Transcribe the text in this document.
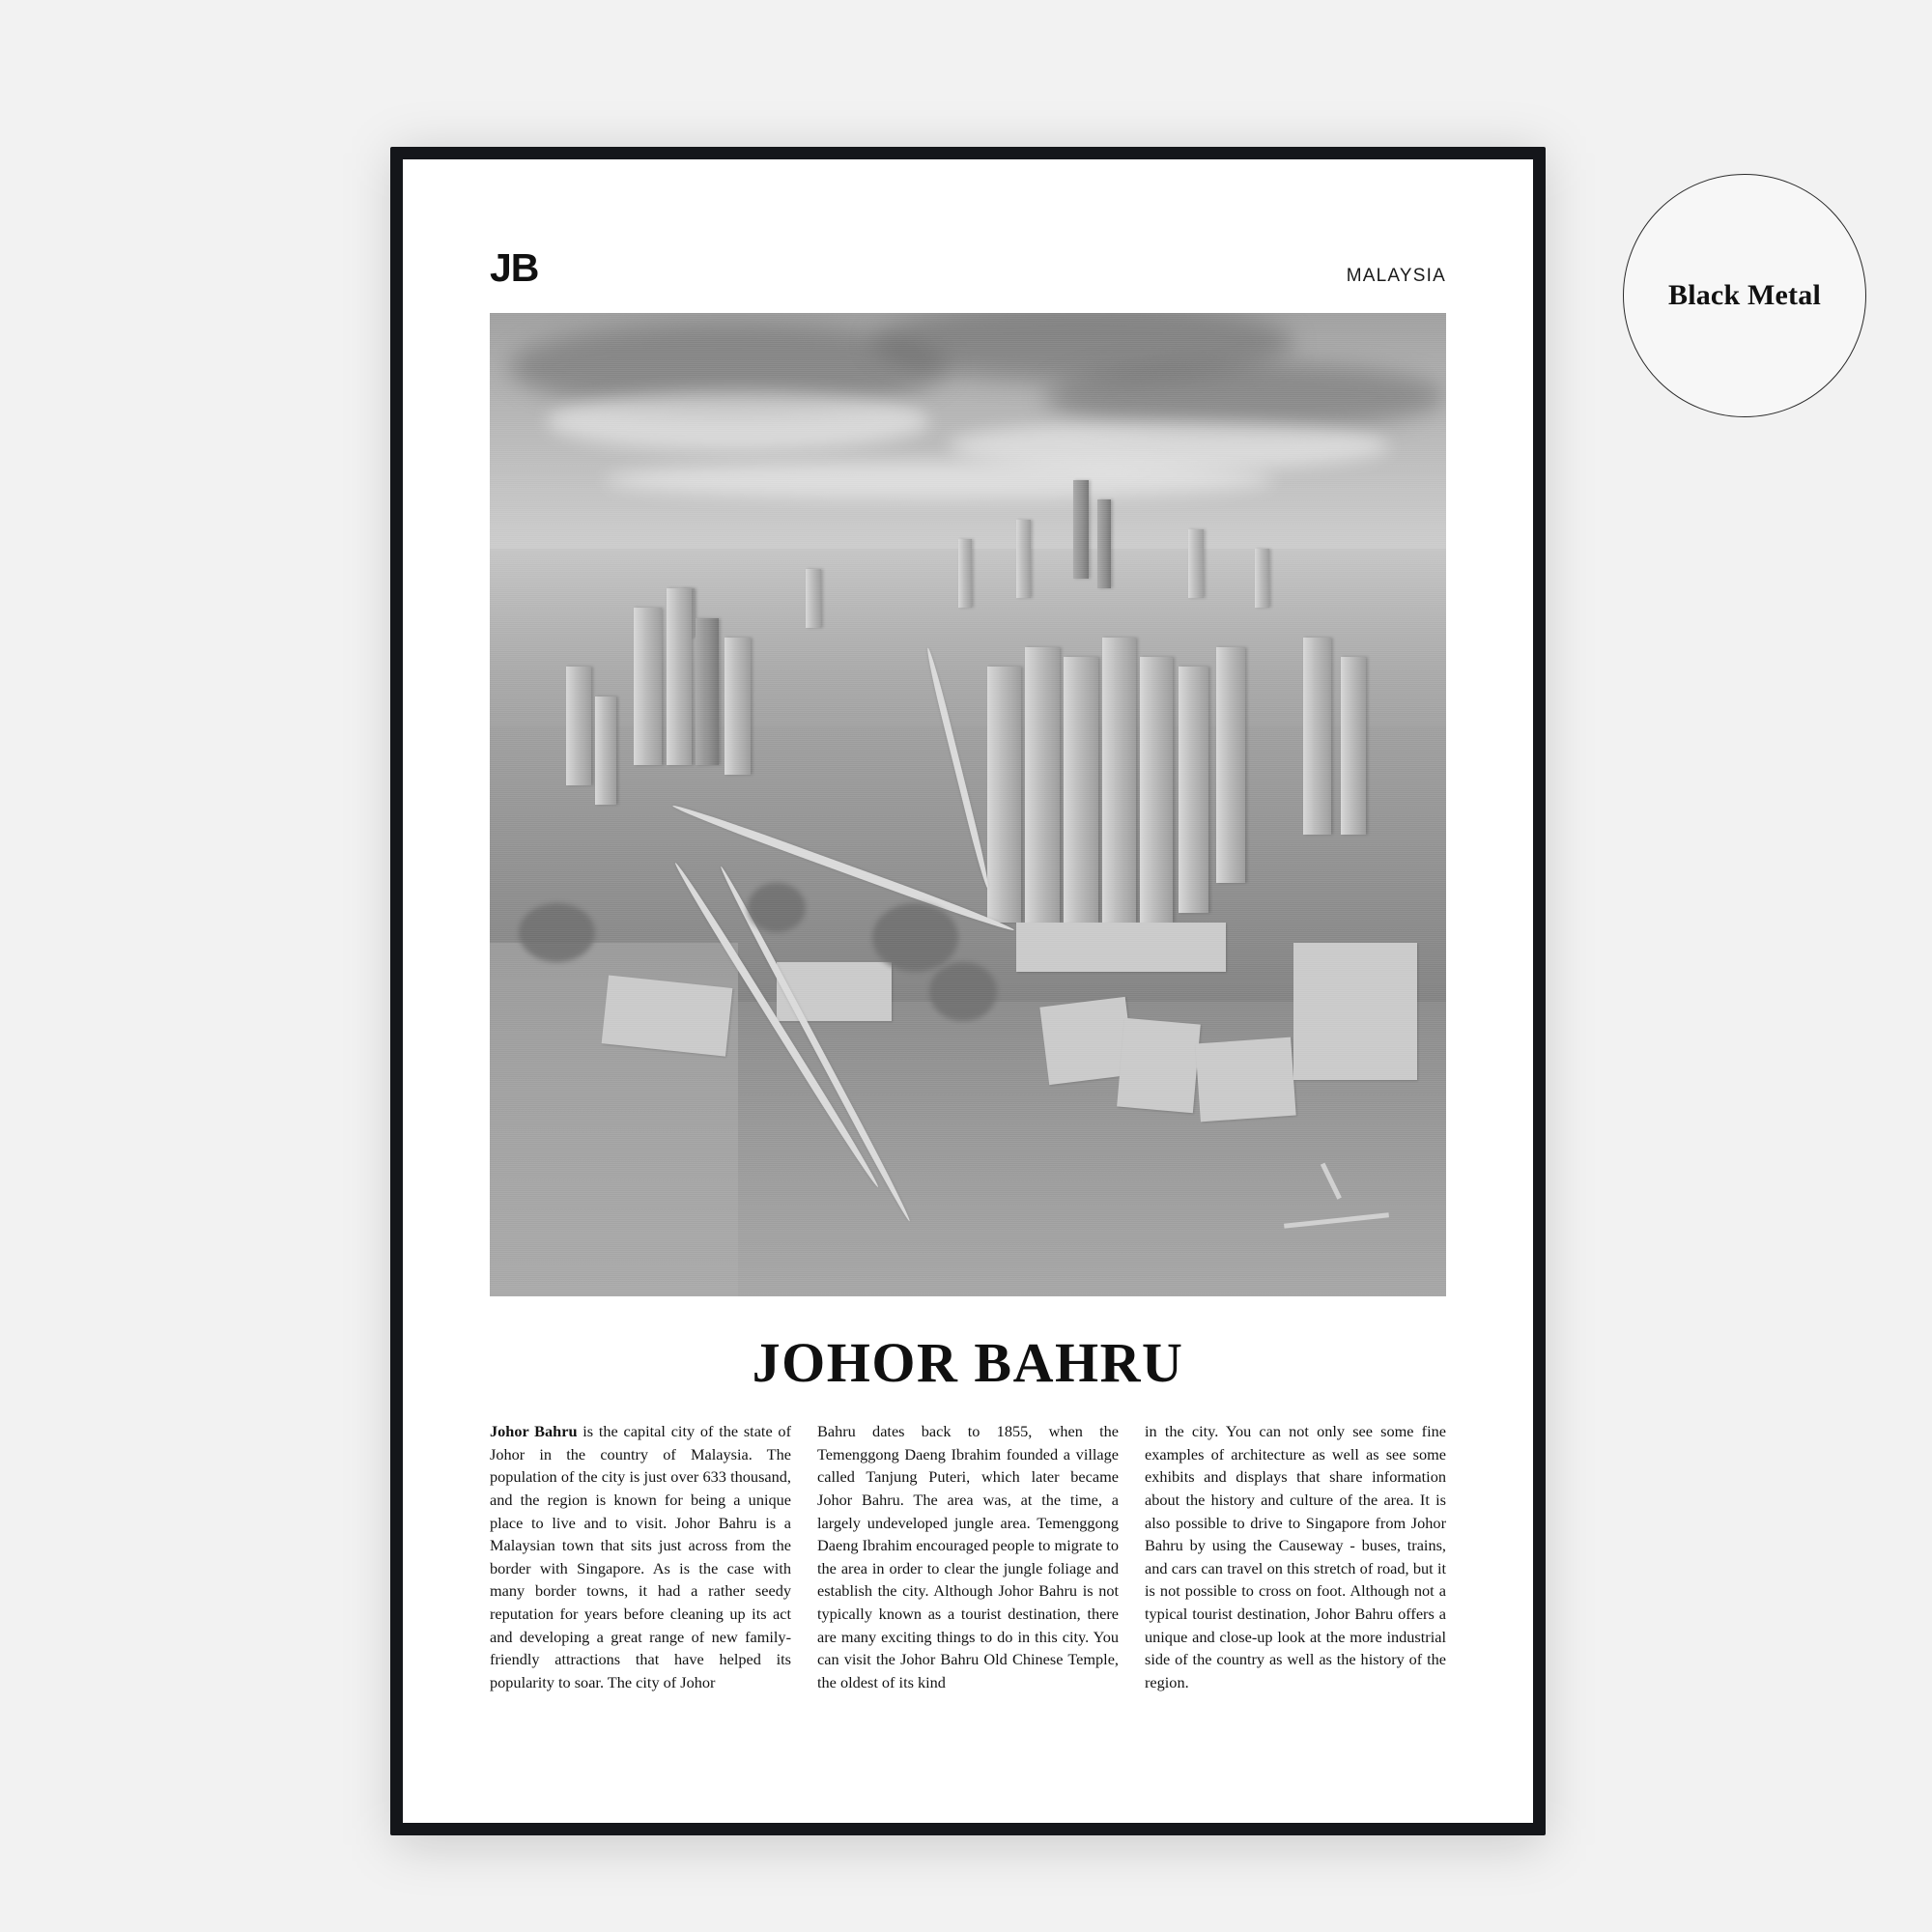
JB	MALAYSIA
JOHOR BAHRU
Johor Bahru is the capital city of the state of Johor in the country of Malaysia. The population of the city is just over 633 thousand, and the region is known for being a unique place to live and to visit. Johor Bahru is a Malaysian town that sits just across from the border with Singapore. As is the case with many border towns, it had a rather seedy reputation for years before cleaning up its act and developing a great range of new family-friendly attractions that have helped its popularity to soar. The city of Johor
Bahru dates back to 1855, when the Temenggong Daeng Ibrahim founded a village called Tanjung Puteri, which later became Johor Bahru. The area was, at the time, a largely undeveloped jungle area. Temenggong Daeng Ibrahim encouraged people to migrate to the area in order to clear the jungle foliage and establish the city. Although Johor Bahru is not typically known as a tourist destination, there are many exciting things to do in this city. You can visit the Johor Bahru Old Chinese Temple, the oldest of its kind
in the city. You can not only see some fine examples of architecture as well as see some exhibits and displays that share information about the history and culture of the area. It is also possible to drive to Singapore from Johor Bahru by using the Causeway - buses, trains, and cars can travel on this stretch of road, but it is not possible to cross on foot. Although not a typical tourist destination, Johor Bahru offers a unique and close-up look at the more industrial side of the country as well as the history of the region.
Black Metal
